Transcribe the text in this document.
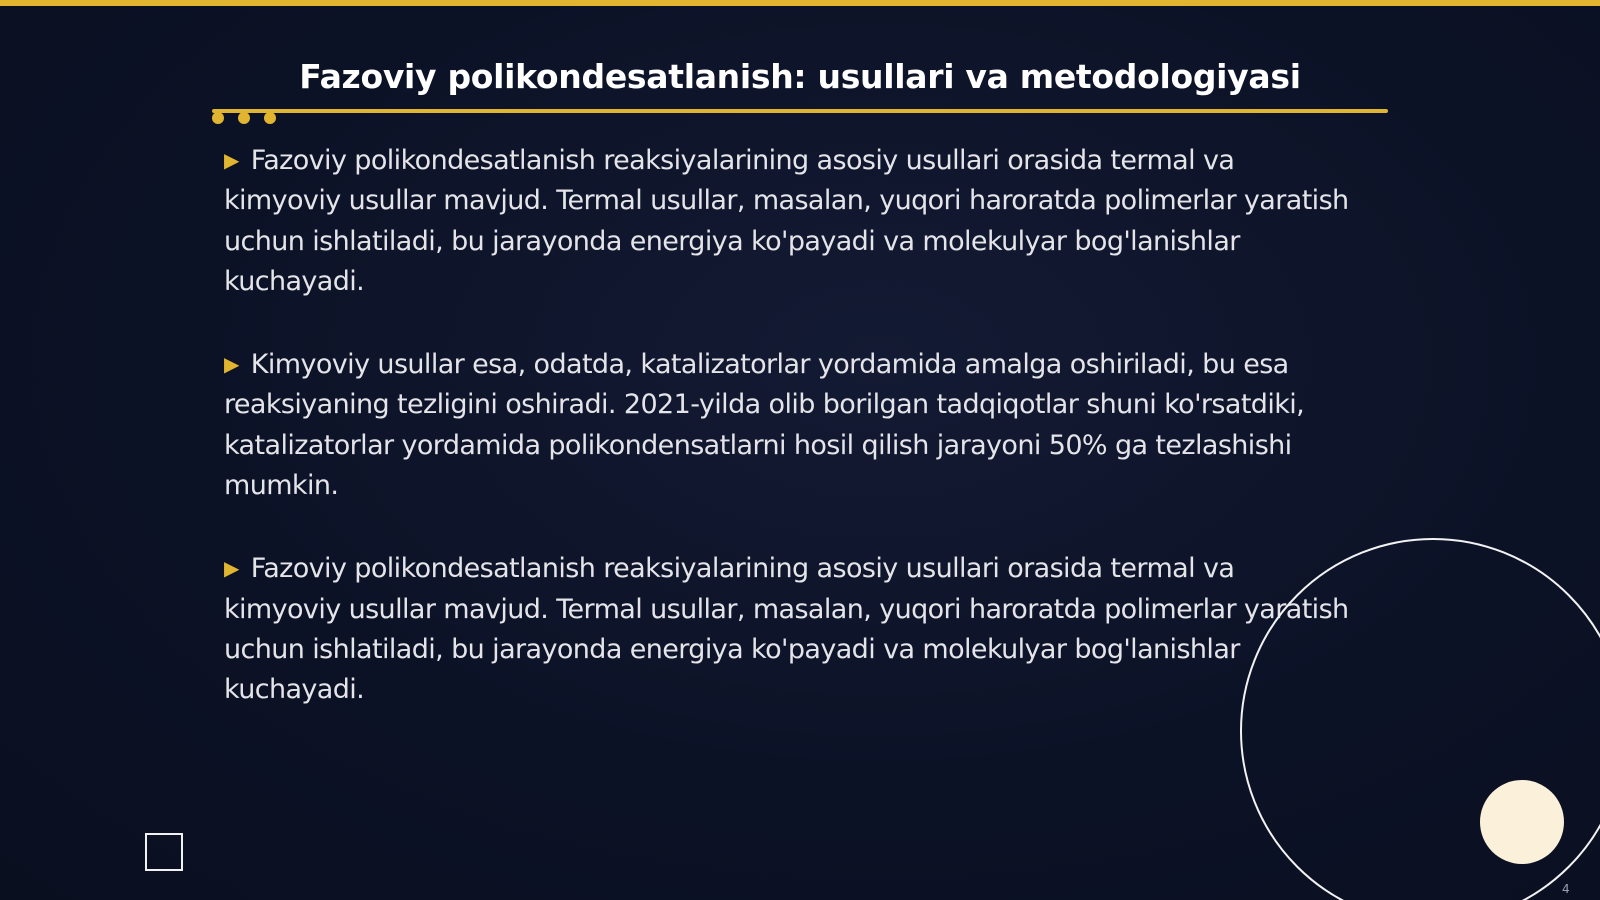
Fazoviy polikondesatlanish: usullari va metodologiyasi

▶ Fazoviy polikondesatlanish reaksiyalarining asosiy usullari orasida termal va kimyoviy usullar mavjud. Termal usullar, masalan, yuqori haroratda polimerlar yaratish uchun ishlatiladi, bu jarayonda energiya ko'payadi va molekulyar bog'lanishlar kuchayadi.

▶ Kimyoviy usullar esa, odatda, katalizatorlar yordamida amalga oshiriladi, bu esa reaksiyaning tezligini oshiradi. 2021-yilda olib borilgan tadqiqotlar shuni ko'rsatdiki, katalizatorlar yordamida polikondensatlarni hosil qilish jarayoni 50% ga tezlashishi mumkin.

▶ Fazoviy polikondesatlanish reaksiyalarining asosiy usullari orasida termal va kimyoviy usullar mavjud. Termal usullar, masalan, yuqori haroratda polimerlar yaratish uchun ishlatiladi, bu jarayonda energiya ko'payadi va molekulyar bog'lanishlar kuchayadi.

4
